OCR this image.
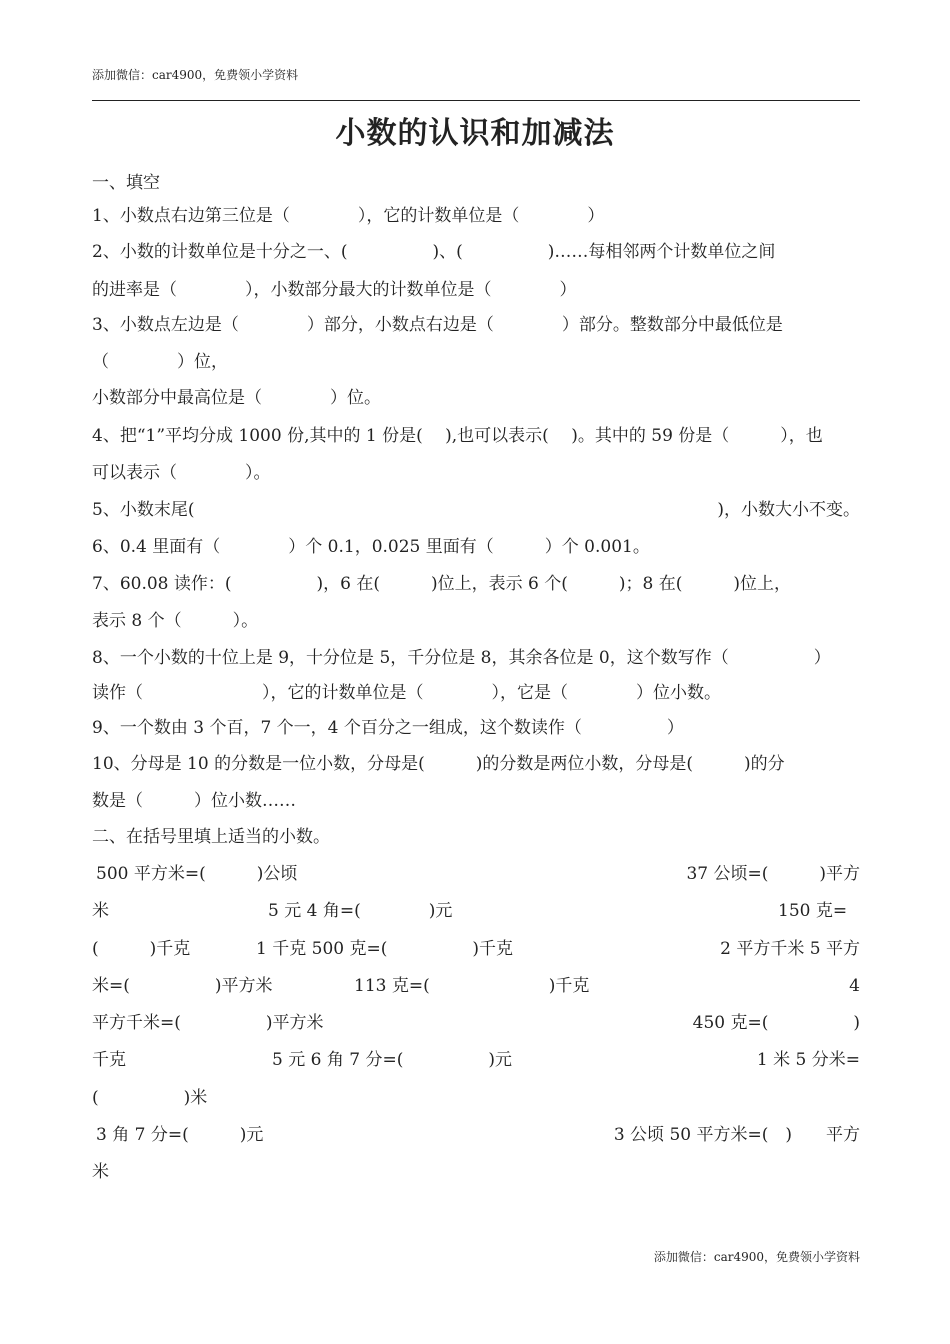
添加微信：car4900，免费领小学资料
小数的认识和加减法
一、填空
1、小数点右边第三位是（　　　　），它的计数单位是（　　　　）
2、小数的计数单位是十分之一、(　　　　　)、(　　　　　)……每相邻两个计数单位之间
的进率是（　　　　），小数部分最大的计数单位是（　　　　）
3、小数点左边是（　　　　）部分，小数点右边是（　　　　）部分。整数部分中最低位是
（　　　　）位，
小数部分中最高位是（　　　　）位。
4、把“1”平均分成 1000 份,其中的 1 份是(　 ),也可以表示(　 )。其中的 59 份是（　　　），也
可以表示（　　　　）。
5、小数末尾(	)，小数大小不变。
6、0.4 里面有（　　　　）个 0.1，0.025 里面有（　　　）个 0.001。
7、60.08 读作：(　　　　　)，6 在(　　　)位上，表示 6 个(　　　)；8 在(　　　)位上，
表示 8 个（　　　）。
8、一个小数的十位上是 9，十分位是 5，千分位是 8，其余各位是 0，这个数写作（　　　　　）
读作（　　　　　　　），它的计数单位是（　　　　），它是（　　　　）位小数。
9、一个数由 3 个百，7 个一，4 个百分之一组成，这个数读作（　　　　　）
10、分母是 10 的分数是一位小数，分母是(　　　)的分数是两位小数，分母是(　　　)的分
数是（　　　）位小数……
二、在括号里填上适当的小数。
500 平方米=(　　　)公顷	37 公顷=(　　　)平方
米	5 元 4 角=(　　　　)元	150 克=
(　　　)千克	1 千克 500 克=(　　　　　)千克	2 平方千米 5 平方
米=(　　　　　)平方米	113 克=(　　　　　　　)千克	4
平方千米=(　　　　　)平方米	450 克=(　　　　　)
千克	5 元 6 角 7 分=(　　　　　)元	1 米 5 分米=
(　　　　　)米
3 角 7 分=(　　　)元	3 公顷 50 平方米=(　)　　平方
米
添加微信：car4900，免费领小学资料
